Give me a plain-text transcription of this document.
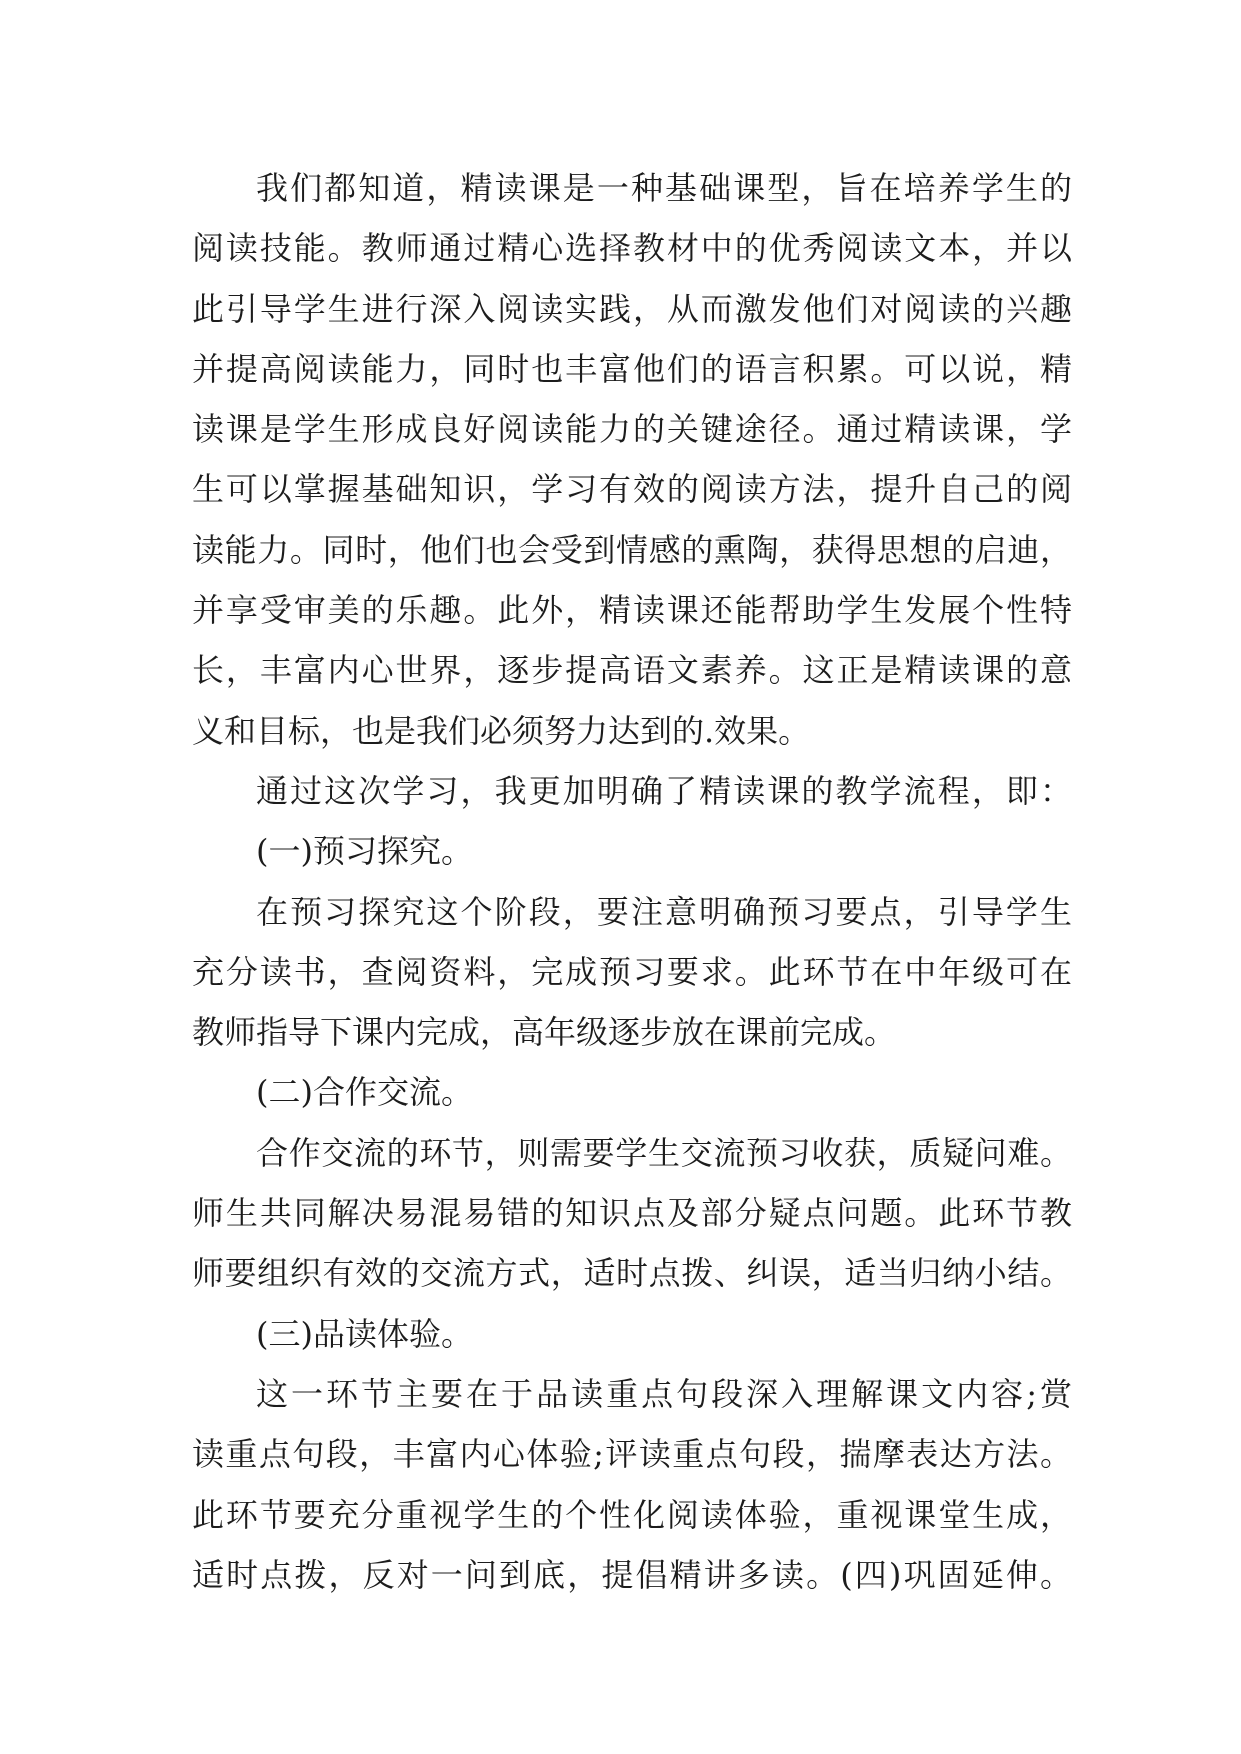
我们都知道，精读课是一种基础课型，旨在培养学生的
阅读技能。教师通过精心选择教材中的优秀阅读文本，并以
此引导学生进行深入阅读实践，从而激发他们对阅读的兴趣
并提高阅读能力，同时也丰富他们的语言积累。可以说，精
读课是学生形成良好阅读能力的关键途径。通过精读课，学
生可以掌握基础知识，学习有效的阅读方法，提升自己的阅
读能力。同时，他们也会受到情感的熏陶，获得思想的启迪，
并享受审美的乐趣。此外，精读课还能帮助学生发展个性特
长，丰富内心世界，逐步提高语文素养。这正是精读课的意
义和目标，也是我们必须努力达到的.效果。
通过这次学习，我更加明确了精读课的教学流程，即：
(一)预习探究。
在预习探究这个阶段，要注意明确预习要点，引导学生
充分读书，查阅资料，完成预习要求。此环节在中年级可在
教师指导下课内完成，高年级逐步放在课前完成。
(二)合作交流。
合作交流的环节，则需要学生交流预习收获，质疑问难。
师生共同解决易混易错的知识点及部分疑点问题。此环节教
师要组织有效的交流方式，适时点拨、纠误，适当归纳小结。
(三)品读体验。
这一环节主要在于品读重点句段深入理解课文内容;赏
读重点句段，丰富内心体验;评读重点句段，揣摩表达方法。
此环节要充分重视学生的个性化阅读体验，重视课堂生成，
适时点拨，反对一问到底，提倡精讲多读。(四)巩固延伸。
